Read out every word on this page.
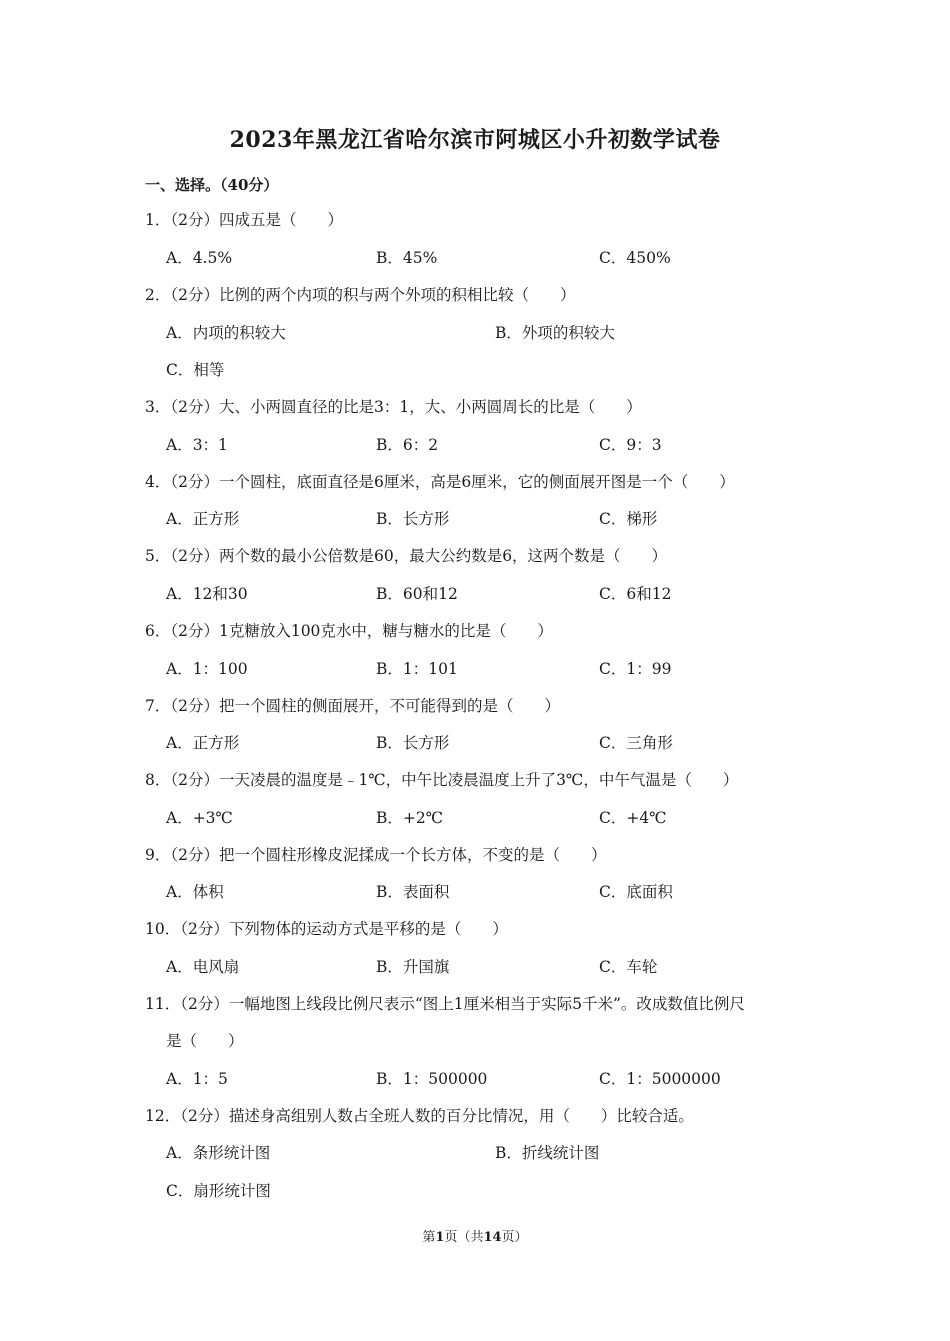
2023年黑龙江省哈尔滨市阿城区小升初数学试卷
一、选择。（40分）
1．（2分）四成五是（　　）
A．4.5%	B．45%	C．450%
2．（2分）比例的两个内项的积与两个外项的积相比较（　　）
A．内项的积较大	B．外项的积较大
C．相等
3．（2分）大、小两圆直径的比是3：1，大、小两圆周长的比是（　　）
A．3：1	B．6：2	C．9：3
4．（2分）一个圆柱，底面直径是6厘米，高是6厘米，它的侧面展开图是一个（　　）
A．正方形	B．长方形	C．梯形
5．（2分）两个数的最小公倍数是60，最大公约数是6，这两个数是（　　）
A．12和30	B．60和12	C．6和12
6．（2分）1克糖放入100克水中，糖与糖水的比是（　　）
A．1：100	B．1：101	C．1：99
7．（2分）把一个圆柱的侧面展开，不可能得到的是（　　）
A．正方形	B．长方形	C．三角形
8．（2分）一天凌晨的温度是﹣1℃，中午比凌晨温度上升了3℃，中午气温是（　　）
A．+3℃	B．+2℃	C．+4℃
9．（2分）把一个圆柱形橡皮泥揉成一个长方体，不变的是（　　）
A．体积	B．表面积	C．底面积
10．（2分）下列物体的运动方式是平移的是（　　）
A．电风扇	B．升国旗	C．车轮
11．（2分）一幅地图上线段比例尺表示“图上1厘米相当于实际5千米”。改成数值比例尺
是（　　）
A．1：5	B．1：500000	C．1：5000000
12．（2分）描述身高组别人数占全班人数的百分比情况，用（　　）比较合适。
A．条形统计图	B．折线统计图
C．扇形统计图
第1页（共14页）
